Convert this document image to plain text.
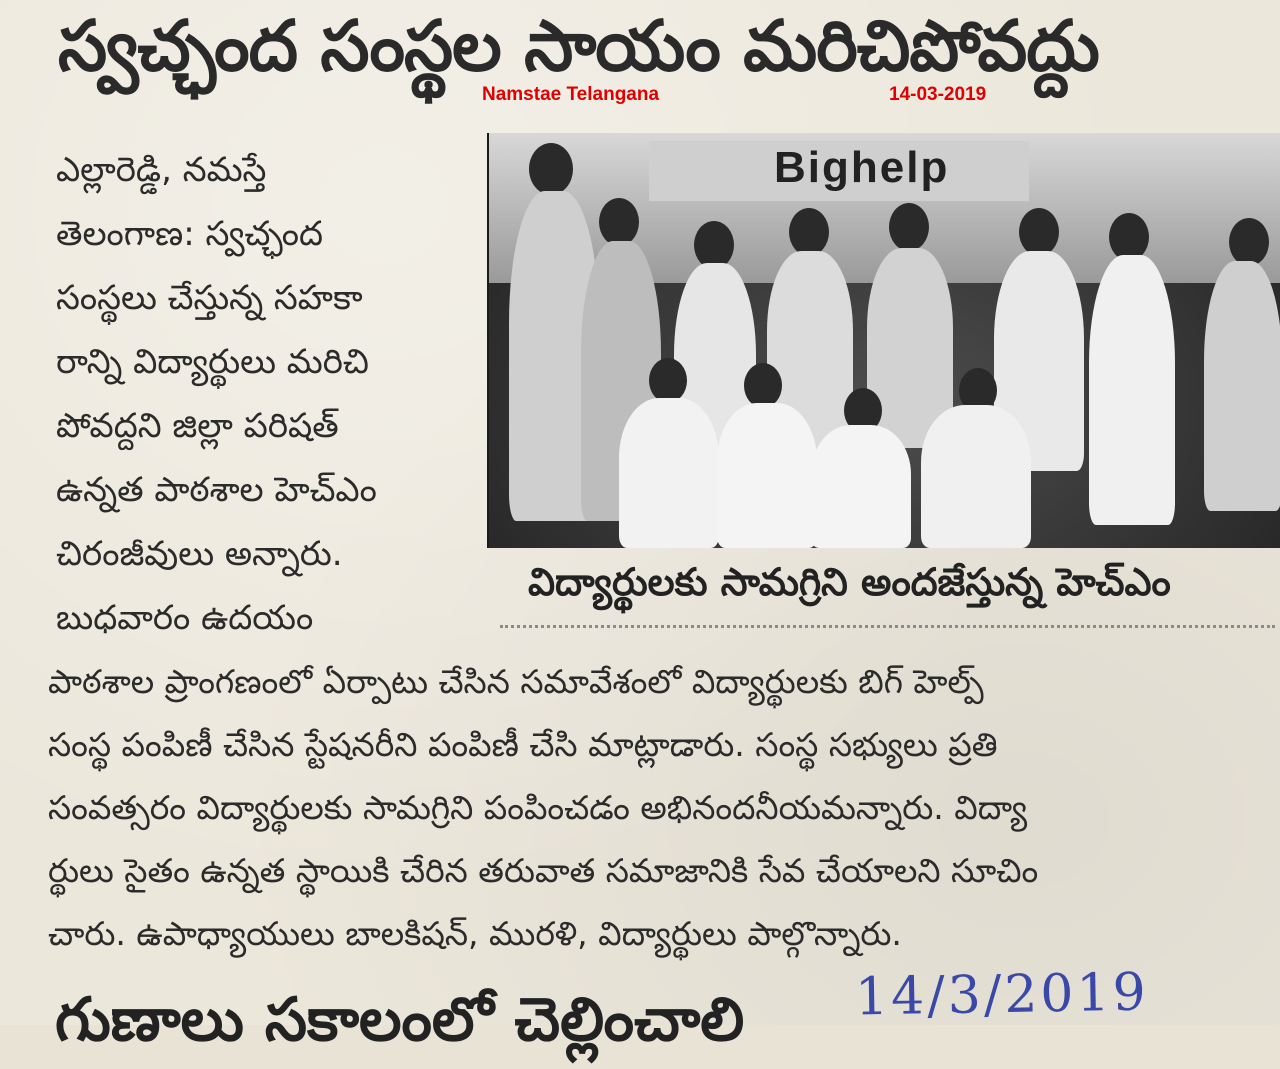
స్వచ్ఛంద సంస్థల సాయం మరిచిపోవద్దు
Namstae Telangana	14-03-2019

ఎల్లారెడ్డి, నమస్తే

తెలంగాణ: స్వచ్ఛంద

సంస్థలు చేస్తున్న సహకా

రాన్ని విద్యార్థులు మరిచి

పోవద్దని జిల్లా పరిషత్

ఉన్నత పాఠశాల హెచ్ఎం

చిరంజీవులు అన్నారు.

బుధవారం ఉదయం

Bighelp
విద్యార్థులకు సామగ్రిని అందజేస్తున్న హెచ్ఎం

పాఠశాల ప్రాంగణంలో ఏర్పాటు చేసిన సమావేశంలో విద్యార్థులకు బిగ్ హెల్ప్

సంస్థ పంపిణీ చేసిన స్టేషనరీని పంపిణీ చేసి మాట్లాడారు. సంస్థ సభ్యులు ప్రతి

సంవత్సరం విద్యార్థులకు సామగ్రిని పంపించడం అభినందనీయమన్నారు. విద్యా

ర్థులు సైతం ఉన్నత స్థాయికి చేరిన తరువాత సమాజానికి సేవ చేయాలని సూచిం

చారు. ఉపాధ్యాయులు బాలకిషన్, మురళి, విద్యార్థులు పాల్గొన్నారు.

గుణాలు సకాలంలో చెల్లించాలి 14/3/2019
